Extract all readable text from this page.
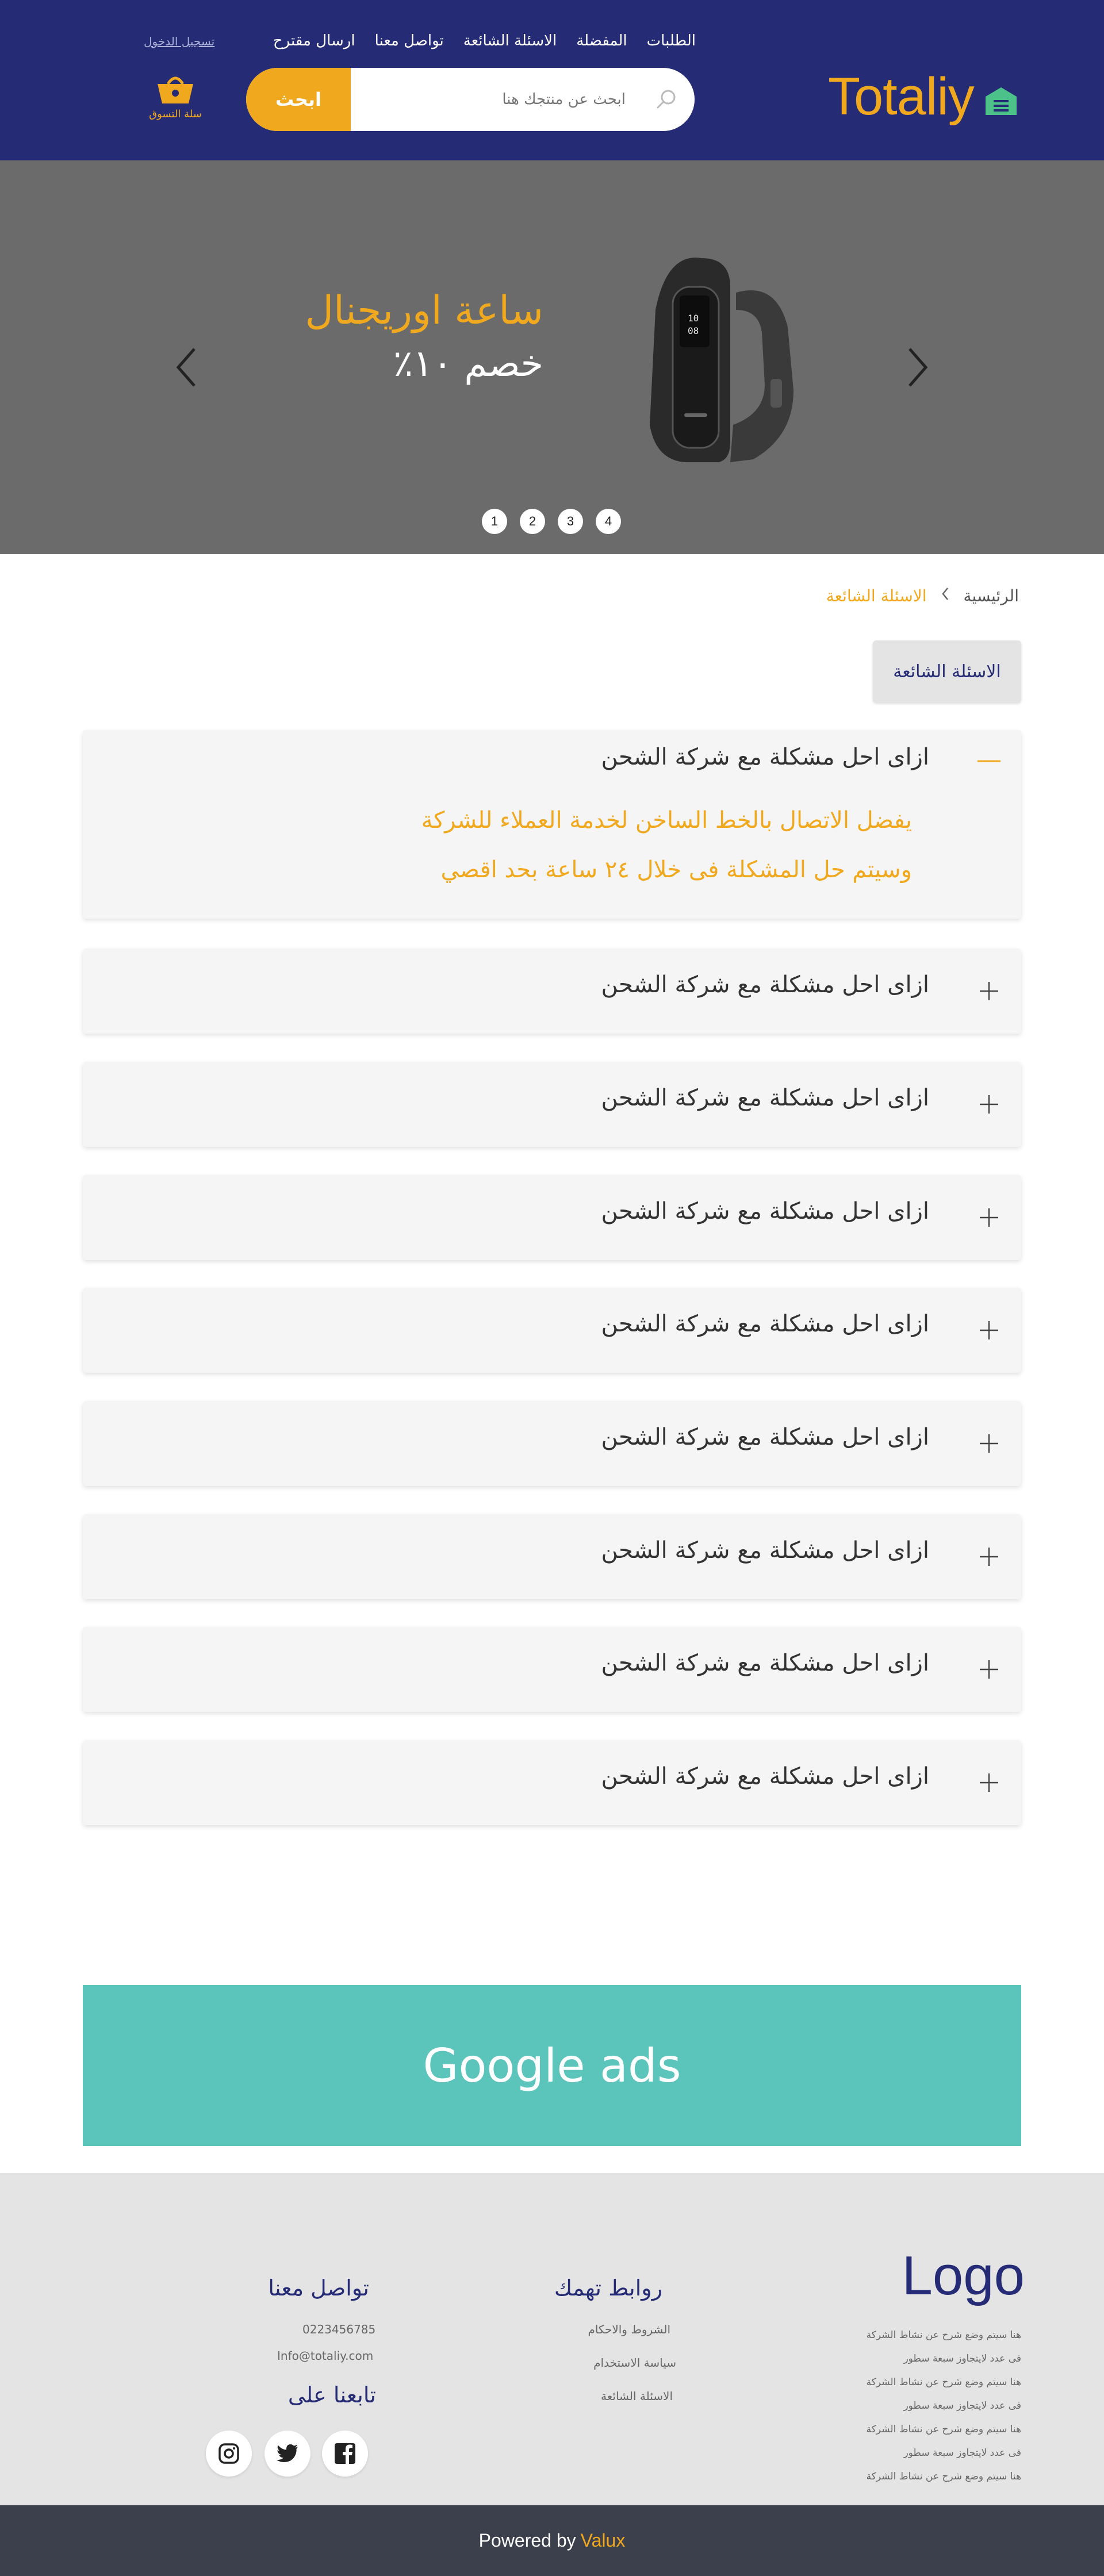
Totaliy
الطلبات
المفضلة
الاسئلة الشائعة
تواصل معنا
ارسال مقترح
ابحث عن منتجك هنا
ابحث
تسجيل الدخول
سلة التسوق
ساعة اوريجنال
خصم ١٠٪
10
08
1	2	3	4
الرئيسية
الاسئلة الشائعة
الاسئلة الشائعة
ازاى احل مشكلة مع شركة الشحن
يفضل الاتصال بالخط الساخن لخدمة العملاء للشركة
وسيتم حل المشكلة فى خلال ٢٤ ساعة بحد اقصي
ازاى احل مشكلة مع شركة الشحن
ازاى احل مشكلة مع شركة الشحن
ازاى احل مشكلة مع شركة الشحن
ازاى احل مشكلة مع شركة الشحن
ازاى احل مشكلة مع شركة الشحن
ازاى احل مشكلة مع شركة الشحن
ازاى احل مشكلة مع شركة الشحن
ازاى احل مشكلة مع شركة الشحن
Google ads
Logo
هنا سيتم وضع شرح عن نشاط الشركة
فى عدد لايتجاوز سبعة سطور
هنا سيتم وضع شرح عن نشاط الشركة
فى عدد لايتجاوز سبعة سطور
هنا سيتم وضع شرح عن نشاط الشركة
فى عدد لايتجاوز سبعة سطور
هنا سيتم وضع شرح عن نشاط الشركة
روابط تهمك
الشروط والاحكام
سياسة الاستخدام
الاسئلة الشائعة
تواصل معنا
0223456785
Info@totaliy.com
تابعنا على
Powered by Valux
